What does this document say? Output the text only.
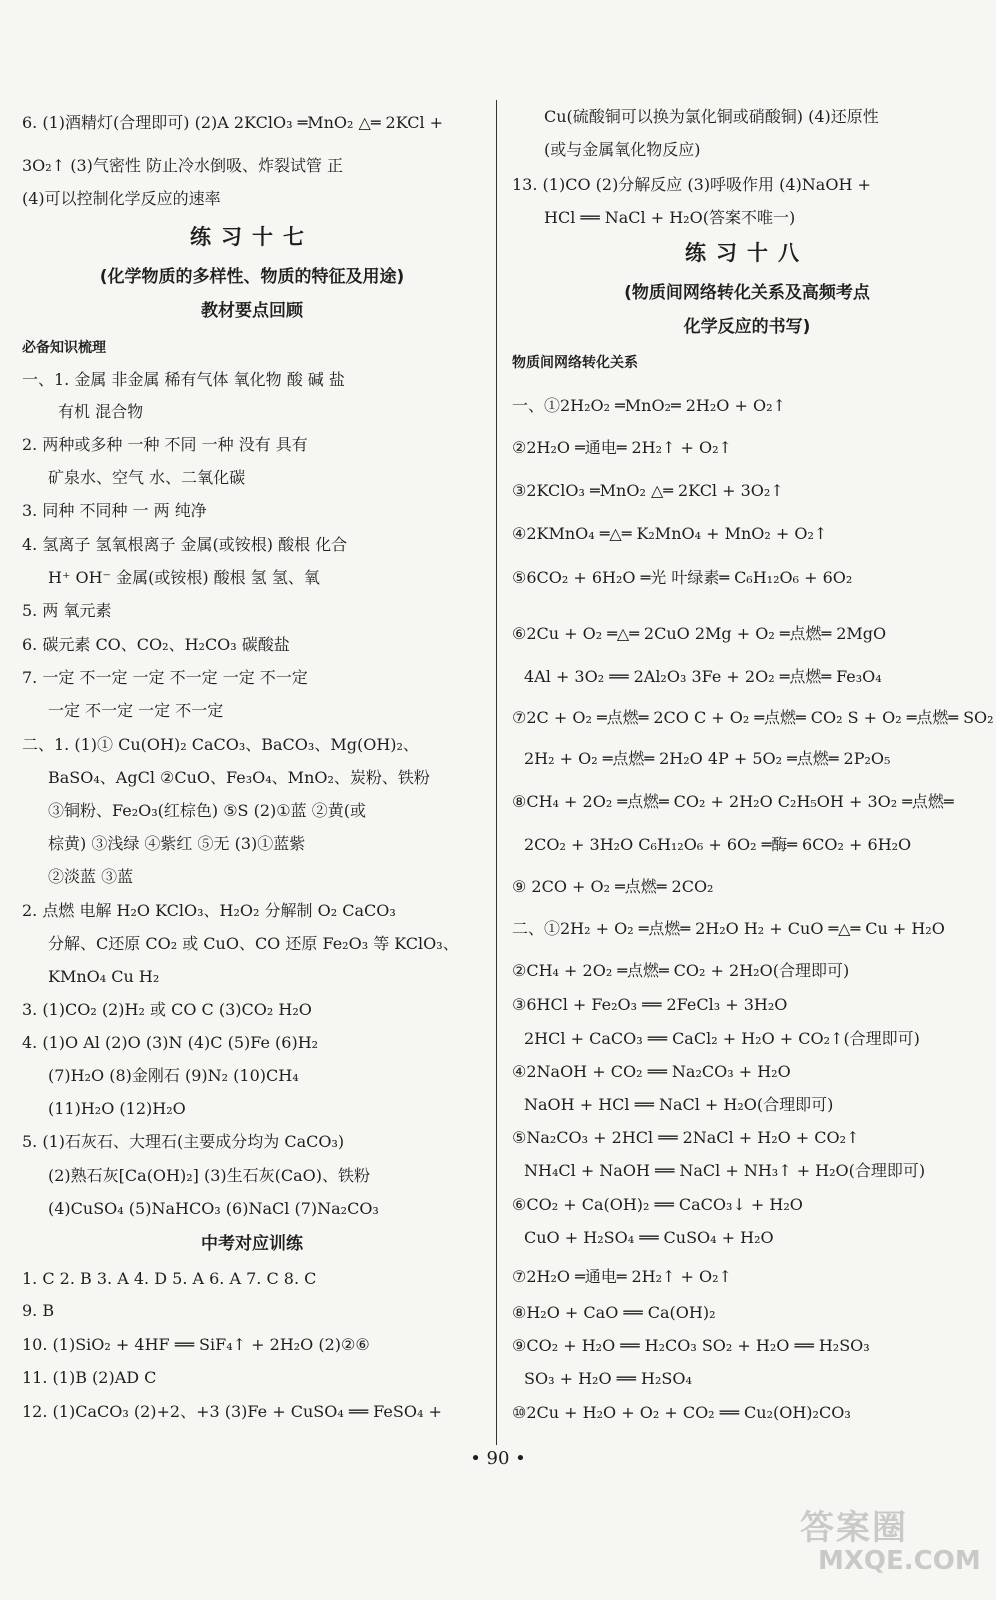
6. (1)酒精灯(合理即可) (2)A 2KClO₃ ═MnO₂ △═ 2KCl +
3O₂↑ (3)气密性 防止冷水倒吸、炸裂试管 正
(4)可以控制化学反应的速率
练习十七
(化学物质的多样性、物质的特征及用途)
教材要点回顾
必备知识梳理
一、1. 金属 非金属 稀有气体 氧化物 酸 碱 盐
有机 混合物
2. 两种或多种 一种 不同 一种 没有 具有
矿泉水、空气 水、二氧化碳
3. 同种 不同种 一 两 纯净
4. 氢离子 氢氧根离子 金属(或铵根) 酸根 化合
H⁺ OH⁻ 金属(或铵根) 酸根 氢 氢、氧
5. 两 氧元素
6. 碳元素 CO、CO₂、H₂CO₃ 碳酸盐
7. 一定 不一定 一定 不一定 一定 不一定
一定 不一定 一定 不一定
二、1. (1)① Cu(OH)₂ CaCO₃、BaCO₃、Mg(OH)₂、
BaSO₄、AgCl ②CuO、Fe₃O₄、MnO₂、炭粉、铁粉
③铜粉、Fe₂O₃(红棕色) ⑤S (2)①蓝 ②黄(或
棕黄) ③浅绿 ④紫红 ⑤无 (3)①蓝紫
②淡蓝 ③蓝
2. 点燃 电解 H₂O KClO₃、H₂O₂ 分解制 O₂ CaCO₃
分解、C还原 CO₂ 或 CuO、CO 还原 Fe₂O₃ 等 KClO₃、
KMnO₄ Cu H₂
3. (1)CO₂ (2)H₂ 或 CO C (3)CO₂ H₂O
4. (1)O Al (2)O (3)N (4)C (5)Fe (6)H₂
(7)H₂O (8)金刚石 (9)N₂ (10)CH₄
(11)H₂O (12)H₂O
5. (1)石灰石、大理石(主要成分均为 CaCO₃)
(2)熟石灰[Ca(OH)₂] (3)生石灰(CaO)、铁粉
(4)CuSO₄ (5)NaHCO₃ (6)NaCl (7)Na₂CO₃
中考对应训练
1. C 2. B 3. A 4. D 5. A 6. A 7. C 8. C
9. B
10. (1)SiO₂ + 4HF ══ SiF₄↑ + 2H₂O (2)②⑥
11. (1)B (2)AD C
12. (1)CaCO₃ (2)+2、+3 (3)Fe + CuSO₄ ══ FeSO₄ +
Cu(硫酸铜可以换为氯化铜或硝酸铜) (4)还原性
(或与金属氧化物反应)
13. (1)CO (2)分解反应 (3)呼吸作用 (4)NaOH +
HCl ══ NaCl + H₂O(答案不唯一)
练习十八
(物质间网络转化关系及高频考点
化学反应的书写)
物质间网络转化关系
一、①2H₂O₂ ═MnO₂═ 2H₂O + O₂↑
②2H₂O ═通电═ 2H₂↑ + O₂↑
③2KClO₃ ═MnO₂ △═ 2KCl + 3O₂↑
④2KMnO₄ ═△═ K₂MnO₄ + MnO₂ + O₂↑
⑤6CO₂ + 6H₂O ═光 叶绿素═ C₆H₁₂O₆ + 6O₂
⑥2Cu + O₂ ═△═ 2CuO 2Mg + O₂ ═点燃═ 2MgO
4Al + 3O₂ ══ 2Al₂O₃ 3Fe + 2O₂ ═点燃═ Fe₃O₄
⑦2C + O₂ ═点燃═ 2CO C + O₂ ═点燃═ CO₂ S + O₂ ═点燃═ SO₂
2H₂ + O₂ ═点燃═ 2H₂O 4P + 5O₂ ═点燃═ 2P₂O₅
⑧CH₄ + 2O₂ ═点燃═ CO₂ + 2H₂O C₂H₅OH + 3O₂ ═点燃═
2CO₂ + 3H₂O C₆H₁₂O₆ + 6O₂ ═酶═ 6CO₂ + 6H₂O
⑨ 2CO + O₂ ═点燃═ 2CO₂
二、①2H₂ + O₂ ═点燃═ 2H₂O H₂ + CuO ═△═ Cu + H₂O
②CH₄ + 2O₂ ═点燃═ CO₂ + 2H₂O(合理即可)
③6HCl + Fe₂O₃ ══ 2FeCl₃ + 3H₂O
2HCl + CaCO₃ ══ CaCl₂ + H₂O + CO₂↑(合理即可)
④2NaOH + CO₂ ══ Na₂CO₃ + H₂O
NaOH + HCl ══ NaCl + H₂O(合理即可)
⑤Na₂CO₃ + 2HCl ══ 2NaCl + H₂O + CO₂↑
NH₄Cl + NaOH ══ NaCl + NH₃↑ + H₂O(合理即可)
⑥CO₂ + Ca(OH)₂ ══ CaCO₃↓ + H₂O
CuO + H₂SO₄ ══ CuSO₄ + H₂O
⑦2H₂O ═通电═ 2H₂↑ + O₂↑
⑧H₂O + CaO ══ Ca(OH)₂
⑨CO₂ + H₂O ══ H₂CO₃ SO₂ + H₂O ══ H₂SO₃
SO₃ + H₂O ══ H₂SO₄
⑩2Cu + H₂O + O₂ + CO₂ ══ Cu₂(OH)₂CO₃
• 90 •
答案圈
MXQE.COM
